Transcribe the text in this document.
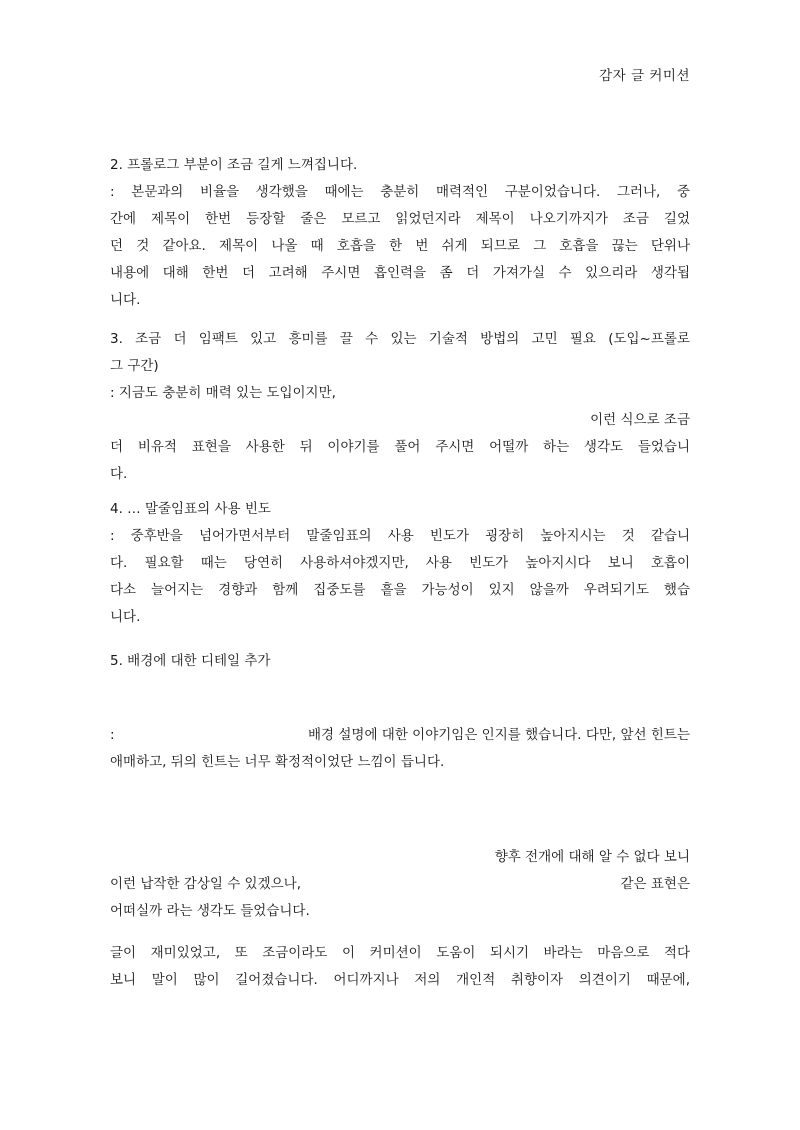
감자 글 커미션
2. 프롤로그 부분이 조금 길게 느껴집니다.
: 본문과의 비율을 생각했을 때에는 충분히 매력적인 구분이었습니다. 그러나, 중
간에 제목이 한번 등장할 줄은 모르고 읽었던지라 제목이 나오기까지가 조금 길었
던 것 같아요. 제목이 나올 때 호흡을 한 번 쉬게 되므로 그 호흡을 끊는 단위나
내용에 대해 한번 더 고려해 주시면 흡인력을 좀 더 가져가실 수 있으리라 생각됩
니다.
3. 조금 더 임팩트 있고 흥미를 끌 수 있는 기술적 방법의 고민 필요 (도입~프롤로
그 구간)
: 지금도 충분히 매력 있는 도입이지만,
이런 식으로 조금
더 비유적 표현을 사용한 뒤 이야기를 풀어 주시면 어떨까 하는 생각도 들었습니
다.
4. … 말줄임표의 사용 빈도
: 중후반을 넘어가면서부터 말줄임표의 사용 빈도가 굉장히 높아지시는 것 같습니
다. 필요할 때는 당연히 사용하셔야겠지만, 사용 빈도가 높아지시다 보니 호흡이
다소 늘어지는 경향과 함께 집중도를 흩을 가능성이 있지 않을까 우려되기도 했습
니다.
5. 배경에 대한 디테일 추가
:	배경 설명에 대한 이야기임은 인지를 했습니다. 다만, 앞선 힌트는
애매하고, 뒤의 힌트는 너무 확정적이었단 느낌이 듭니다.
향후 전개에 대해 알 수 없다 보니
이런 납작한 감상일 수 있겠으나,	같은 표현은
어떠실까 라는 생각도 들었습니다.
글이 재미있었고, 또 조금이라도 이 커미션이 도움이 되시기 바라는 마음으로 적다
보니 말이 많이 길어졌습니다. 어디까지나 저의 개인적 취향이자 의견이기 때문에,
